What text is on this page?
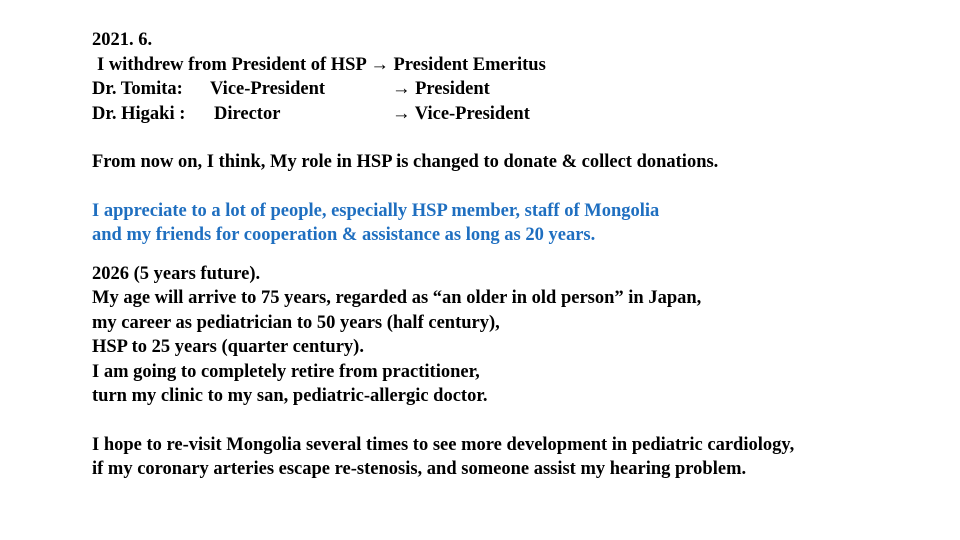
2021. 6.
I withdrew from President of HSP → President Emeritus
Dr. Tomita:	Vice-President	→ President
Dr. Higaki :	Director	→ Vice-President
From now on, I think, My role in HSP is changed to donate & collect donations.
I appreciate to a lot of people, especially HSP member, staff of Mongolia
and my friends for cooperation & assistance as long as 20 years.
2026 (5 years future).
My age will arrive to 75 years, regarded as “an older in old person” in Japan,
my career as pediatrician to 50 years (half century),
HSP to 25 years (quarter century).
I am going to completely retire from practitioner,
turn my clinic to my san, pediatric-allergic doctor.
I hope to re-visit Mongolia several times to see more development in pediatric cardiology,
if my coronary arteries escape re-stenosis, and someone assist my hearing problem.
